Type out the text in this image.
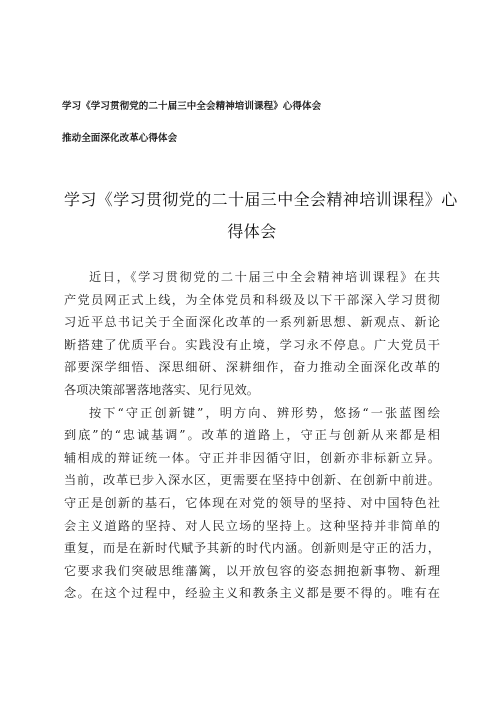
学习《学习贯彻党的二十届三中全会精神培训课程》心得体会
推动全面深化改革心得体会
学习《学习贯彻党的二十届三中全会精神培训课程》心
得体会
近日，《学习贯彻党的二十届三中全会精神培训课程》在共
产党员网正式上线，为全体党员和科级及以下干部深入学习贯彻
习近平总书记关于全面深化改革的一系列新思想、新观点、新论
断搭建了优质平台。实践没有止境，学习永不停息。广大党员干
部要深学细悟、深思细研、深耕细作，奋力推动全面深化改革的
各项决策部署落地落实、见行见效。
按下“守正创新键”，明方向、辨形势，悠扬“一张蓝图绘
到底”的“忠诚基调”。改革的道路上，守正与创新从来都是相
辅相成的辩证统一体。守正并非因循守旧，创新亦非标新立异。
当前，改革已步入深水区，更需要在坚持中创新、在创新中前进。
守正是创新的基石，它体现在对党的领导的坚持、对中国特色社
会主义道路的坚持、对人民立场的坚持上。这种坚持并非简单的
重复，而是在新时代赋予其新的时代内涵。创新则是守正的活力，
它要求我们突破思维藩篱，以开放包容的姿态拥抱新事物、新理
念。在这个过程中，经验主义和教条主义都是要不得的。唯有在
